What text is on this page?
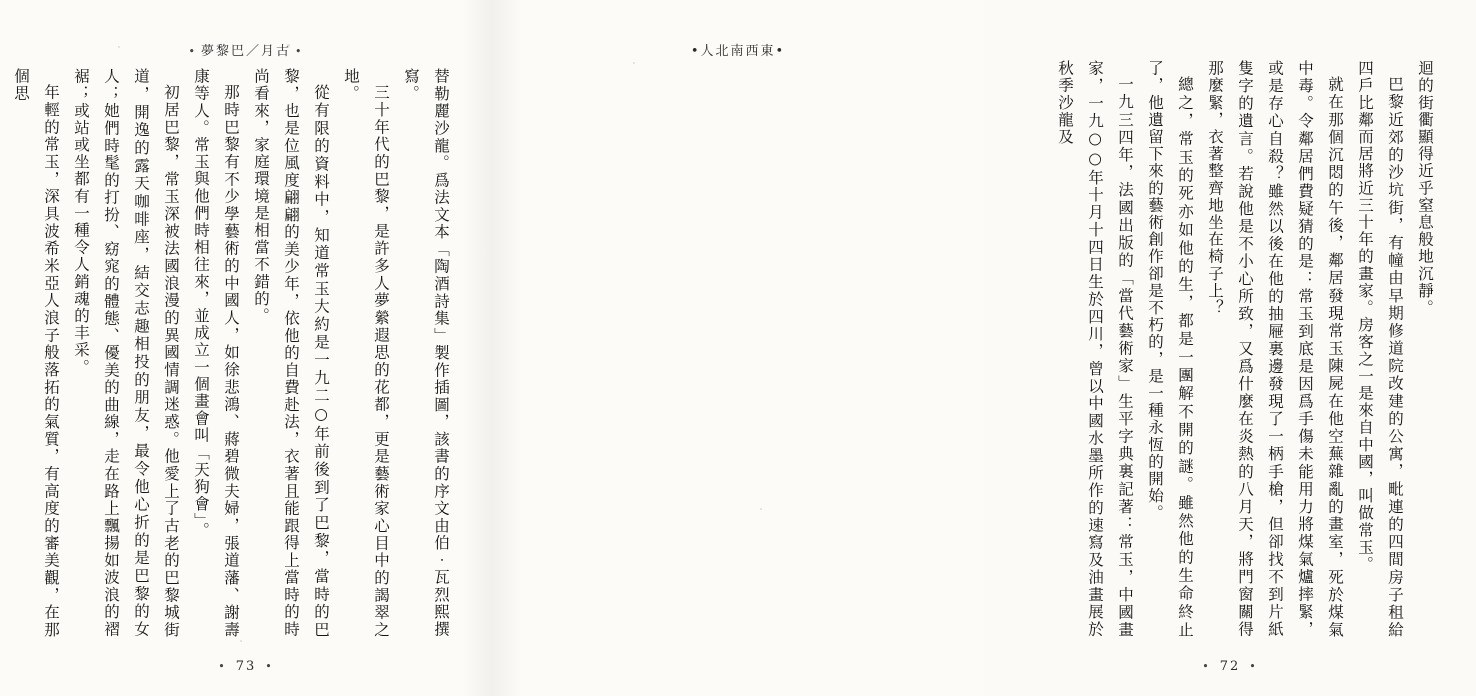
• 夢黎巴／月古 •

替勒麗沙龍。爲法文本「陶酒詩集」製作插圖，該書的序文由伯‧瓦烈熙撰寫。

三十年代的巴黎，是許多人夢縈遐思的花都，更是藝術家心目中的謁翠之地。

從有限的資料中，知道常玉大約是一九二○年前後到了巴黎，當時的巴黎，也是位風度翩翩的美少年，依他的自費赴法，衣著且能跟得上當時的時尚看來，家庭環境是相當不錯的。

那時巴黎有不少學藝術的中國人，如徐悲鴻、蔣碧微夫婦，張道藩、謝壽康等人。常玉與他們時相往來，並成立一個畫會叫「天狗會」。

初居巴黎，常玉深被法國浪漫的異國情調迷惑。他愛上了古老的巴黎城街道，開逸的露天咖啡座，結交志趣相投的朋友，最令他心折的是巴黎的女人；她們時髦的打扮、窈窕的體態、優美的曲線，走在路上飄揚如波浪的褶裾；或站或坐都有一種令人銷魂的丰采。

年輕的常玉，深具波希米亞人浪子般落拓的氣質，有高度的審美觀，在那個思

• 73 •
•人北南西東•

迴的街衢顯得近乎窒息般地沉靜。

巴黎近郊的沙坑街，有幢由早期修道院改建的公寓，毗連的四間房子租給四戶比鄰而居將近三十年的畫家。房客之一是來自中國，叫做常玉。

就在那個沉悶的午後，鄰居發現常玉陳屍在他空蕪雜亂的畫室，死於煤氣中毒。令鄰居們費疑猜的是：常玉到底是因爲手傷未能用力將煤氣爐摔緊，或是存心自殺？雖然以後在他的抽屜裏邊發現了一柄手槍，但卻找不到片紙隻字的遺言。若說他是不小心所致，又爲什麼在炎熱的八月天，將門窗關得那麼緊，衣著整齊地坐在椅子上？

總之，常玉的死亦如他的生，都是一團解不開的謎。雖然他的生命終止了，他遺留下來的藝術創作卻是不朽的，是一種永恆的開始。

一九三四年，法國出版的「當代藝術家」生平字典裏記著：常玉，中國畫家，一九○○年十月十四日生於四川，曾以中國水墨所作的速寫及油畫展於秋季沙龍及

• 72 •
